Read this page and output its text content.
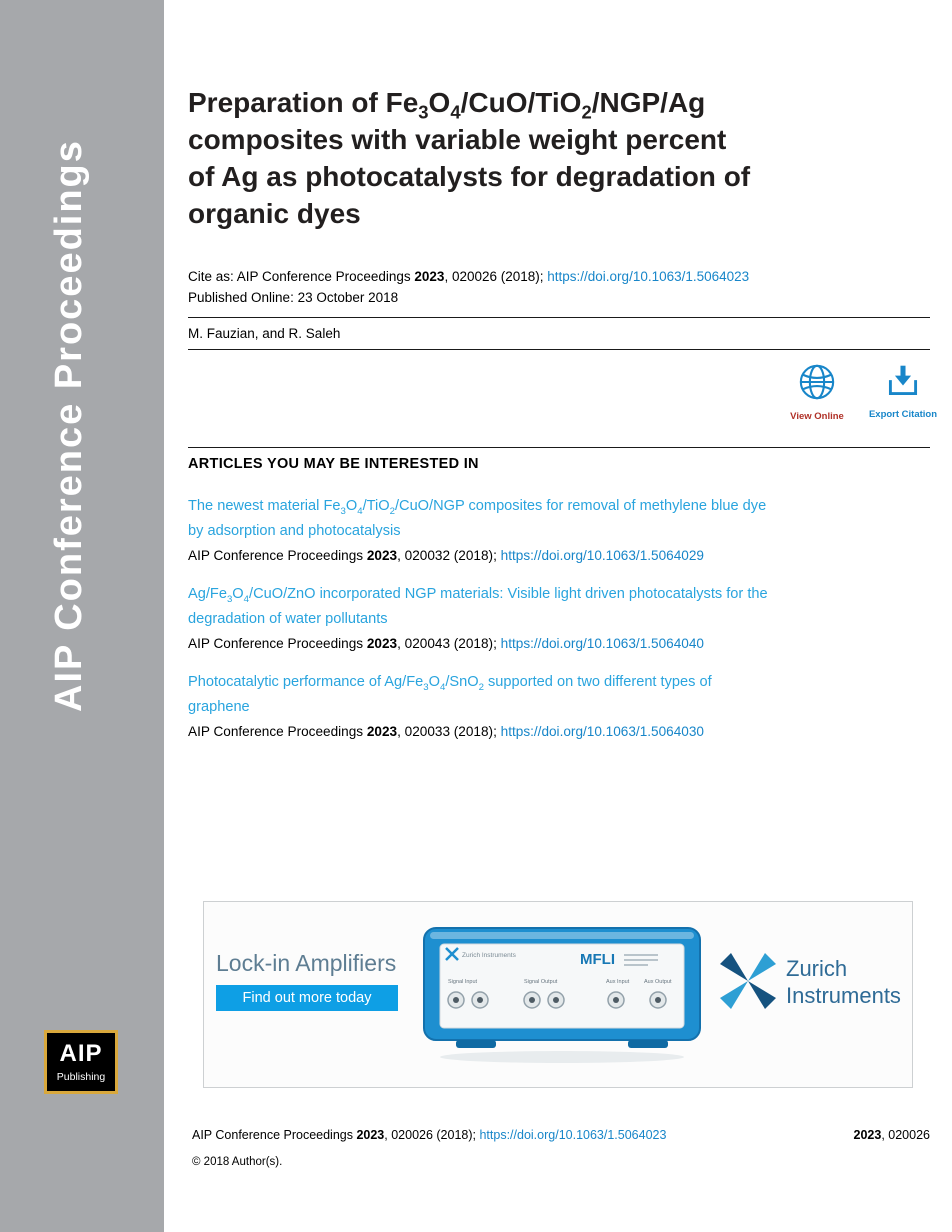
AIP Conference Proceedings
AIP
Publishing
Preparation of $Fe_3O_4/CuO/TiO_2/NGP/Ag$
composites with variable weight percent
of Ag as photocatalysts for degradation of
organic dyes

Cite as: AIP Conference Proceedings 2023, 020026 (2018); https://doi.org/10.1063/1.5064023

Published Online: 23 October 2018

M. Fauzian, and R. Saleh

View Online	Export Citation
ARTICLES YOU MAY BE INTERESTED IN
The newest material $Fe_3O_4/TiO_2/CuO$/NGP composites for removal of methylene blue dye
by adsorption and photocatalysis
AIP Conference Proceedings 2023, 020032 (2018); https://doi.org/10.1063/1.5064029
$Ag/Fe_3O_4/CuO$/ZnO incorporated NGP materials: Visible light driven photocatalysts for the
degradation of water pollutants
AIP Conference Proceedings 2023, 020043 (2018); https://doi.org/10.1063/1.5064040
Photocatalytic performance of $Ag/Fe_3O_4/SnO_2$ supported on two different types of
graphene
AIP Conference Proceedings 2023, 020033 (2018); https://doi.org/10.1063/1.5064030
Lock-in Amplifiers
Find out more today
Zurich Instruments	MFLI
Signal Input	Signal Output	Aux Input	Aux Output
Zurich
Instruments
AIP Conference Proceedings 2023, 020026 (2018); https://doi.org/10.1063/1.5064023	2023, 020026
© 2018 Author(s).
